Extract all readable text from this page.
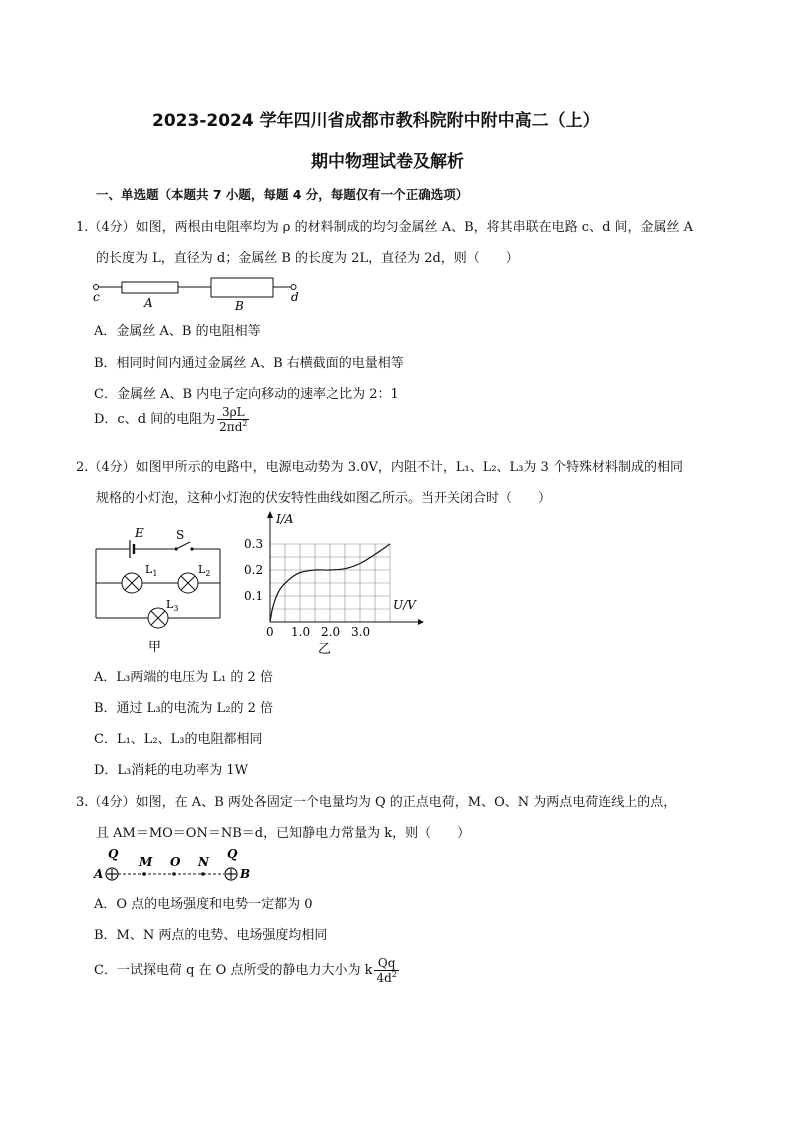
2023-2024 学年四川省成都市教科院附中附中高二（上）
期中物理试卷及解析
一、单选题（本题共 7 小题，每题 4 分，每题仅有一个正确选项）
1.（4分）如图，两根由电阻率均为 ρ 的材料制成的均匀金属丝 A、B，将其串联在电路 c、d 间，金属丝 A
的长度为 L，直径为 d；金属丝 B 的长度为 2L，直径为 2d，则（　　）
c	A	B
d
A．金属丝 A、B 的电阻相等
B．相同时间内通过金属丝 A、B 右横截面的电量相等
C．金属丝 A、B 内电子定向移动的速率之比为 2：1
D．c、d 间的电阻为 $\frac{3\rho L}{2\pi d^2}$
2.（4分）如图甲所示的电路中，电源电动势为 3.0V，内阻不计，L₁、L₂、L₃为 3 个特殊材料制成的相同
规格的小灯泡，这种小灯泡的伏安特性曲线如图乙所示。当开关闭合时（　　）
E	S
$L_1$	$L_2$
$L_3$
甲
I/A
U/V
0
0.1
0.2
0.3
1.0 2.0 3.0
乙
A．L₃两端的电压为 L₁ 的 2 倍
B．通过 L₃的电流为 L₂的 2 倍
C．L₁、L₂、L₃的电阻都相同
D．L₃消耗的电功率为 1W
3.（4分）如图，在 A、B 两处各固定一个电量均为 Q 的正点电荷，M、O、N 为两点电荷连线上的点，
且 AM＝MO＝ON＝NB＝d，已知静电力常量为 k，则（　　）
Q	Q
M O N
A	B
A．O 点的电场强度和电势一定都为 0
B．M、N 两点的电势、电场强度均相同
C．一试探电荷 q 在 O 点所受的静电力大小为 k $\frac{Qq}{4d^2}$
